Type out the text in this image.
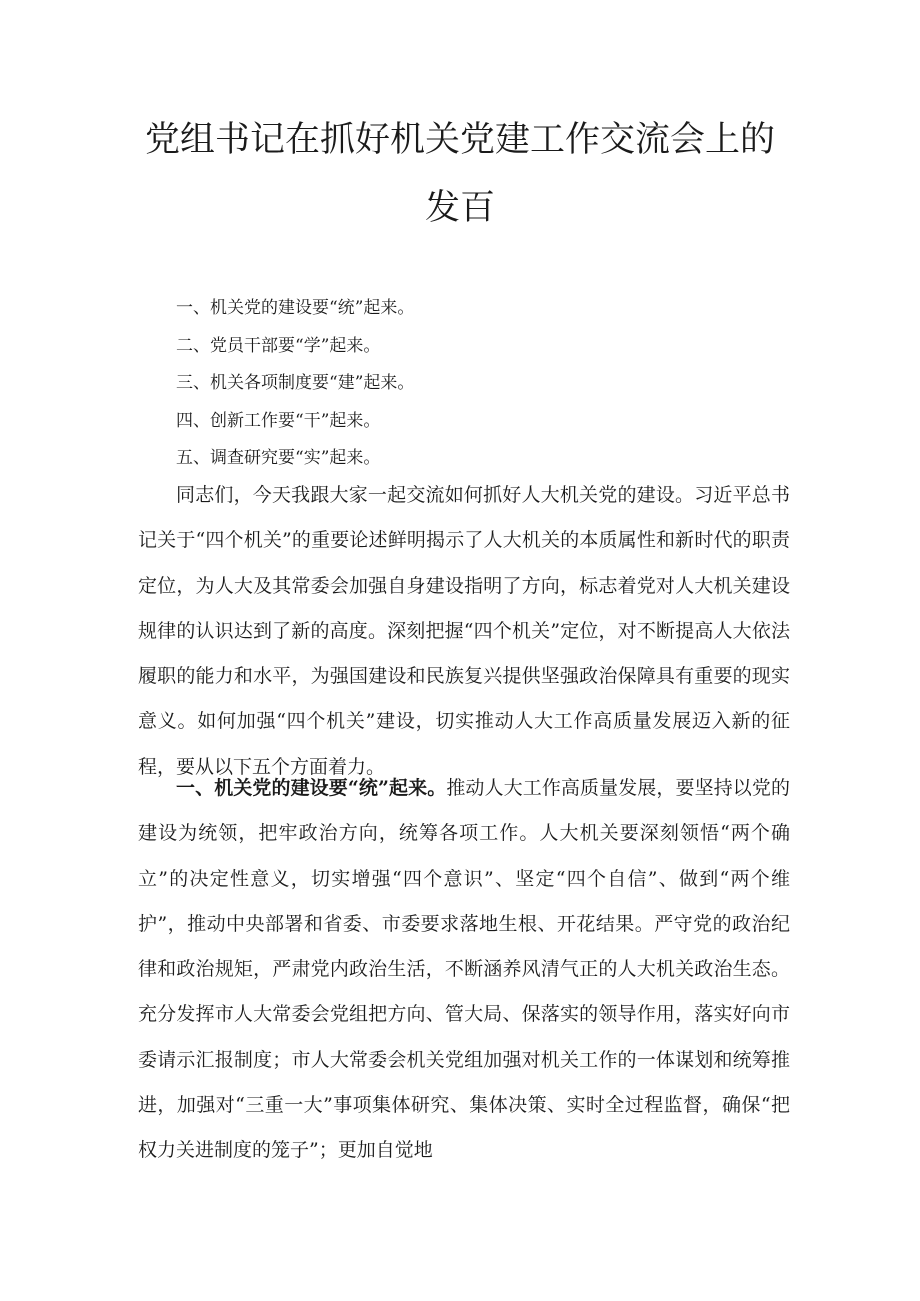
党组书记在抓好机关党建工作交流会上的
发百
一、机关党的建设要“统”起来。
二、党员干部要“学”起来。
三、机关各项制度要“建”起来。
四、创新工作要“干”起来。
五、调查研究要“实”起来。

同志们，今天我跟大家一起交流如何抓好人大机关党的建设。习近平总书记关于“四个机关”的重要论述鲜明揭示了人大机关的本质属性和新时代的职责定位，为人大及其常委会加强自身建设指明了方向，标志着党对人大机关建设规律的认识达到了新的高度。深刻把握“四个机关”定位，对不断提高人大依法履职的能力和水平，为强国建设和民族复兴提供坚强政治保障具有重要的现实意义。如何加强“四个机关”建设，切实推动人大工作高质量发展迈入新的征程，要从以下五个方面着力。

一、机关党的建设要“统”起来。推动人大工作高质量发展，要坚持以党的建设为统领，把牢政治方向，统筹各项工作。人大机关要深刻领悟“两个确立”的决定性意义，切实增强“四个意识”、坚定“四个自信”、做到“两个维护”，推动中央部署和省委、市委要求落地生根、开花结果。严守党的政治纪律和政治规矩，严肃党内政治生活，不断涵养风清气正的人大机关政治生态。充分发挥市人大常委会党组把方向、管大局、保落实的领导作用，落实好向市委请示汇报制度；市人大常委会机关党组加强对机关工作的一体谋划和统筹推进，加强对“三重一大”事项集体研究、集体决策、实时全过程监督，确保“把权力关进制度的笼子”；更加自觉地
